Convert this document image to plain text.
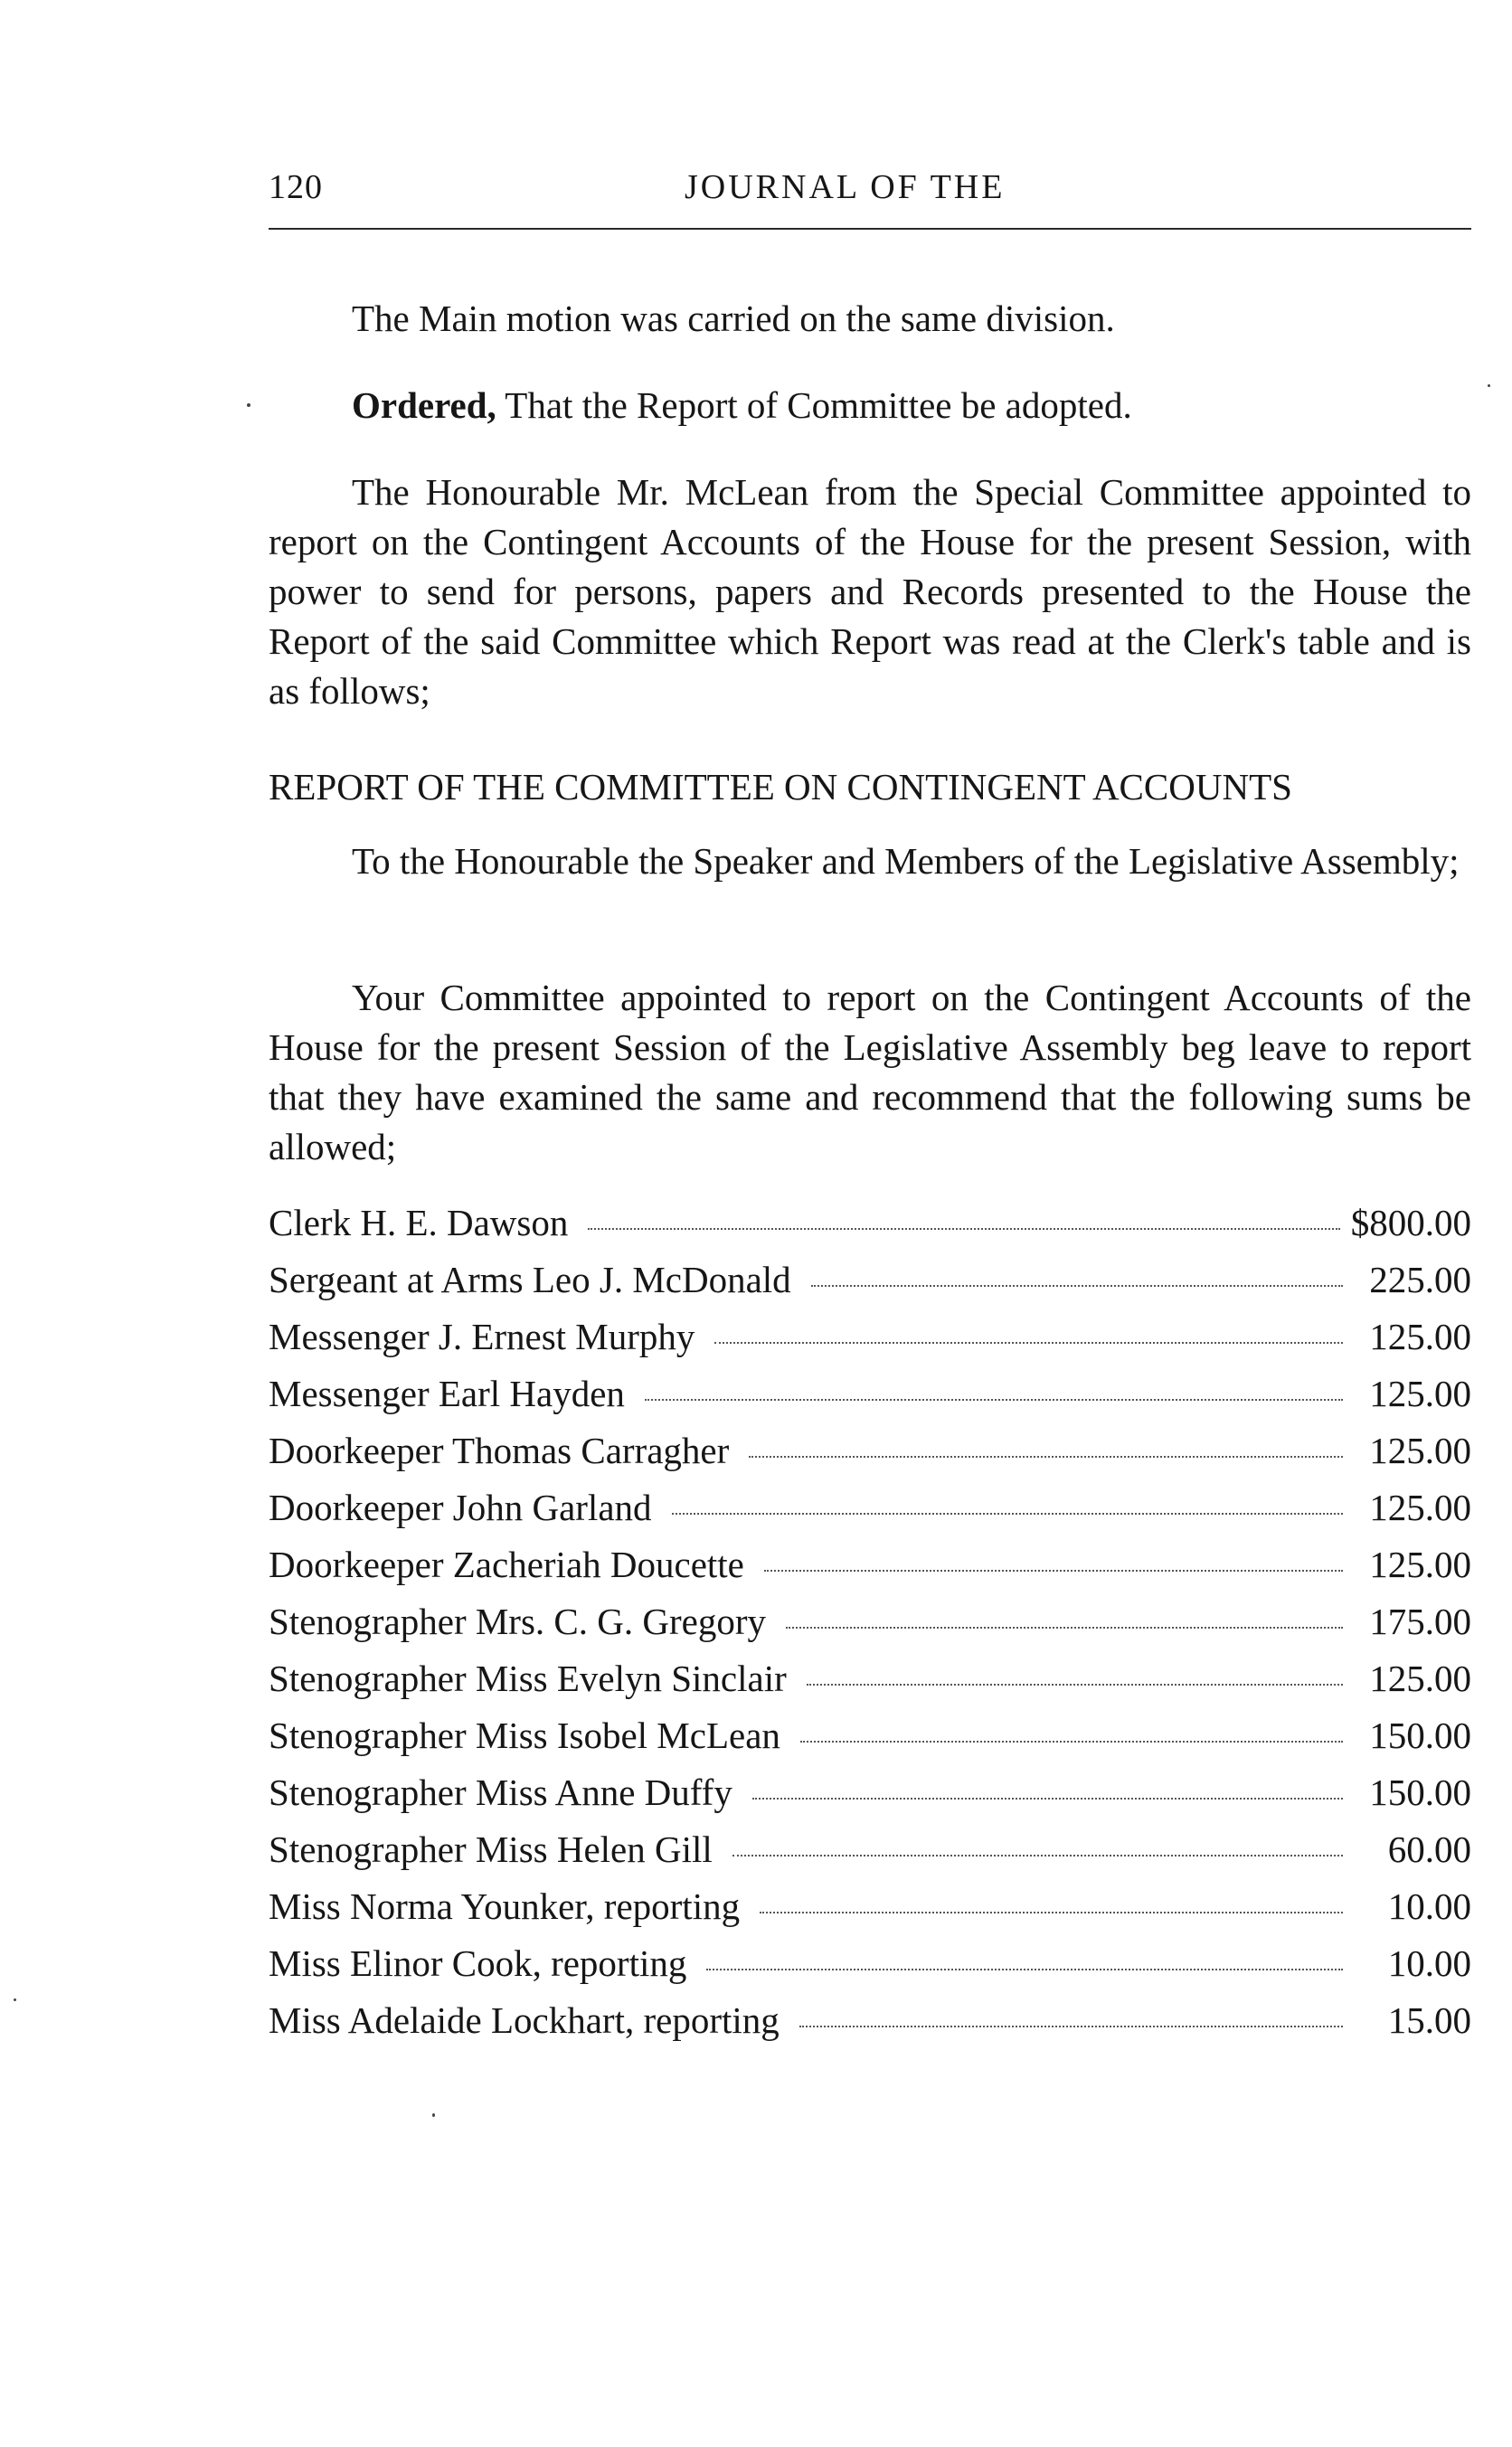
120	JOURNAL OF THE

The Main motion was carried on the same division.

Ordered, That the Report of Committee be adopted.

The Honourable Mr. McLean from the Special Committee appointed to report on the Contingent Accounts of the House for the present Session, with power to send for persons, papers and Records presented to the House the Report of the said Committee which Report was read at the Clerk's table and is as follows;

REPORT OF THE COMMITTEE ON CONTINGENT ACCOUNTS

To the Honourable the Speaker and Members of the Legislative Assembly;

Your Committee appointed to report on the Contingent Accounts of the House for the present Session of the Legislative Assembly beg leave to report that they have examined the same and recommend that the following sums be allowed;

Clerk H. E. Dawson	$800.00
Sergeant at Arms Leo J. McDonald	225.00
Messenger J. Ernest Murphy	125.00
Messenger Earl Hayden	125.00
Doorkeeper Thomas Carragher	125.00
Doorkeeper John Garland	125.00
Doorkeeper Zacheriah Doucette	125.00
Stenographer Mrs. C. G. Gregory	175.00
Stenographer Miss Evelyn Sinclair	125.00
Stenographer Miss Isobel McLean	150.00
Stenographer Miss Anne Duffy	150.00
Stenographer Miss Helen Gill	60.00
Miss Norma Younker, reporting	10.00
Miss Elinor Cook, reporting	10.00
Miss Adelaide Lockhart, reporting	15.00
